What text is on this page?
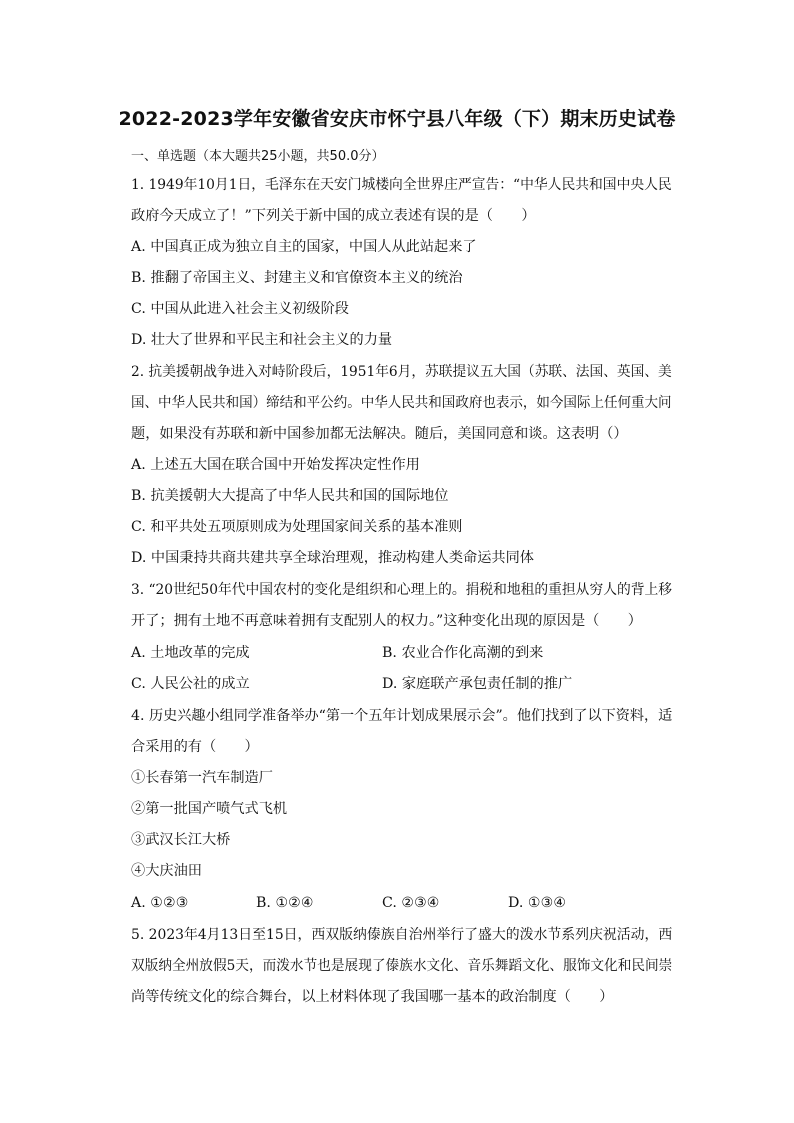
2022-2023学年安徽省安庆市怀宁县八年级（下）期末历史试卷
一、单选题（本大题共25小题，共50.0分）
1. 1949年10月1日，毛泽东在天安门城楼向全世界庄严宣告：“中华人民共和国中央人民
政府今天成立了！”下列关于新中国的成立表述有误的是（　　）
A. 中国真正成为独立自主的国家，中国人从此站起来了
B. 推翻了帝国主义、封建主义和官僚资本主义的统治
C. 中国从此进入社会主义初级阶段
D. 壮大了世界和平民主和社会主义的力量
2. 抗美援朝战争进入对峙阶段后，1951年6月，苏联提议五大国（苏联、法国、英国、美
国、中华人民共和国）缔结和平公约。中华人民共和国政府也表示，如今国际上任何重大问
题，如果没有苏联和新中国参加都无法解决。随后，美国同意和谈。这表明（）
A. 上述五大国在联合国中开始发挥决定性作用
B. 抗美援朝大大提高了中华人民共和国的国际地位
C. 和平共处五项原则成为处理国家间关系的基本准则
D. 中国秉持共商共建共享全球治理观，推动构建人类命运共同体
3. “20世纪50年代中国农村的变化是组织和心理上的。捐税和地租的重担从穷人的背上移
开了；拥有土地不再意味着拥有支配别人的权力。”这种变化出现的原因是（　　）
A. 土地改革的完成	B. 农业合作化高潮的到来
C. 人民公社的成立	D. 家庭联产承包责任制的推广
4. 历史兴趣小组同学准备举办“第一个五年计划成果展示会”。他们找到了以下资料，适
合采用的有（　　）
①长春第一汽车制造厂
②第一批国产喷气式飞机
③武汉长江大桥
④大庆油田
A. ①②③	B. ①②④	C. ②③④	D. ①③④
5. 2023年4月13日至15日，西双版纳傣族自治州举行了盛大的泼水节系列庆祝活动，西
双版纳全州放假5天，而泼水节也是展现了傣族水文化、音乐舞蹈文化、服饰文化和民间崇
尚等传统文化的综合舞台，以上材料体现了我国哪一基本的政治制度（　　）
